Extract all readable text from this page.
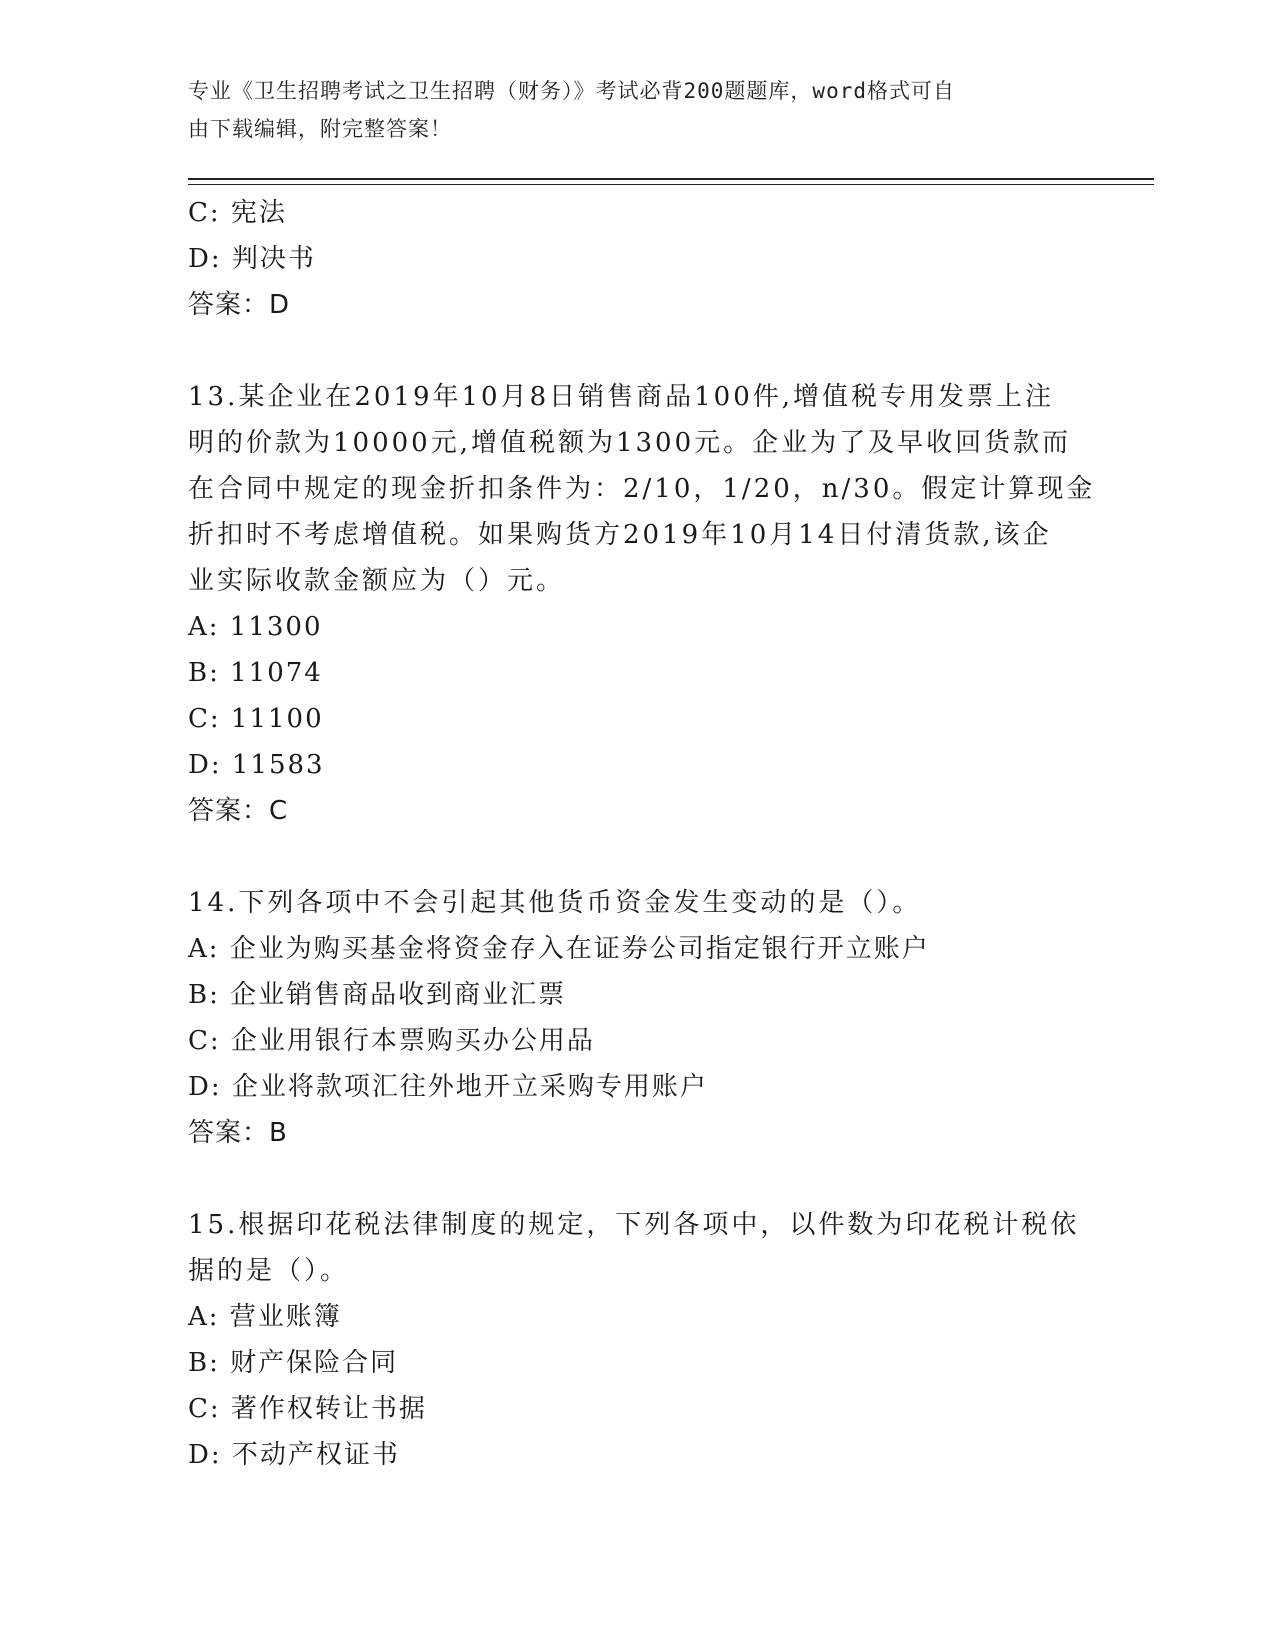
专业《卫生招聘考试之卫生招聘（财务）》考试必背200题题库，word格式可自
由下载编辑，附完整答案！
C: 宪法
D: 判决书
答案：D
13.某企业在2019年10月8日销售商品100件,增值税专用发票上注
明的价款为10000元,增值税额为1300元。企业为了及早收回货款而
在合同中规定的现金折扣条件为：2/10，1/20，n/30。假定计算现金
折扣时不考虑增值税。如果购货方2019年10月14日付清货款,该企
业实际收款金额应为（）元。
A: 11300
B: 11074
C: 11100
D: 11583
答案：C
14.下列各项中不会引起其他货币资金发生变动的是（）。
A: 企业为购买基金将资金存入在证券公司指定银行开立账户
B: 企业销售商品收到商业汇票
C: 企业用银行本票购买办公用品
D: 企业将款项汇往外地开立采购专用账户
答案：B
15.根据印花税法律制度的规定，下列各项中，以件数为印花税计税依
据的是（）。
A: 营业账簿
B: 财产保险合同
C: 著作权转让书据
D: 不动产权证书
